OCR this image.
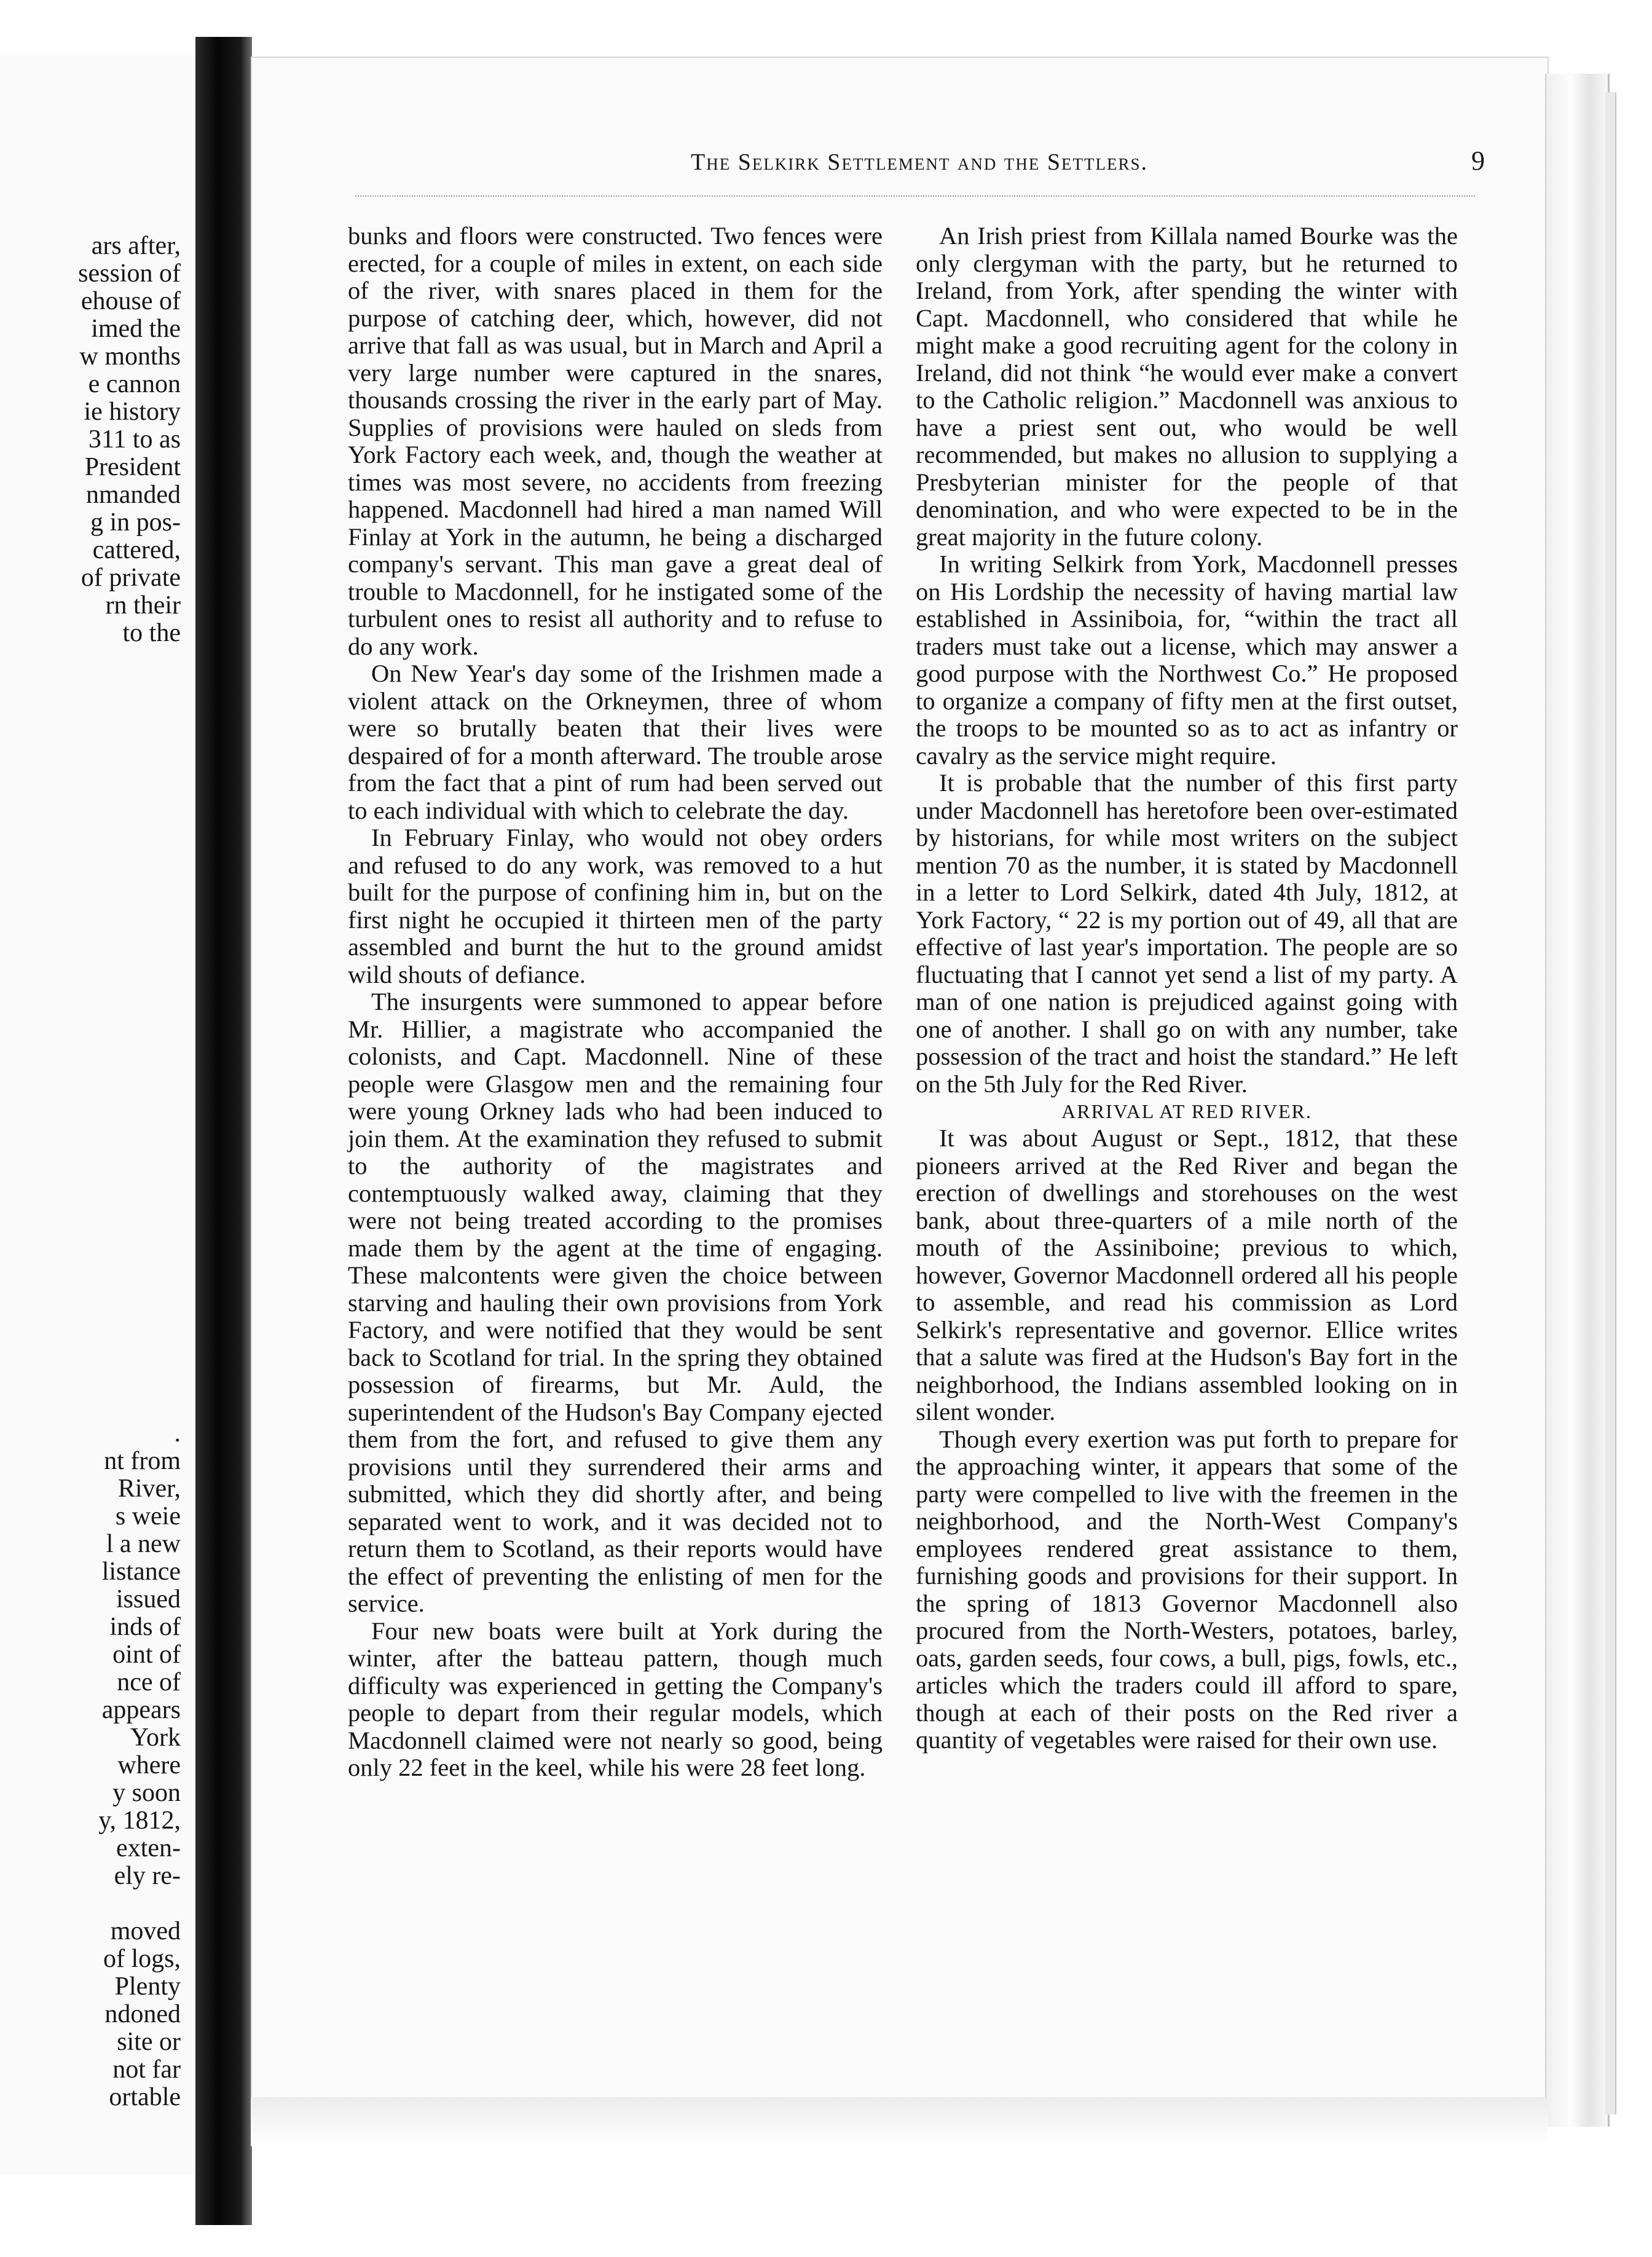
ars after,
session of
ehouse of
imed the
w months
e cannon
ie history
311 to as
President
nmanded
g in pos-
cattered,
of private
rn their
to the
.
nt from
River,
s weie
l a new
listance
issued
inds of
oint of
nce of
appears
York
where
y soon
y, 1812,
exten-
ely re-
moved
of logs,
Plenty
ndoned
site or
not far
ortable
The Selkirk Settlement and the Settlers.	9

bunks and floors were constructed. Two fences were erected, for a couple of miles in extent, on each side of the river, with snares placed in them for the purpose of catching deer, which, however, did not arrive that fall as was usual, but in March and April a very large number were captured in the snares, thousands crossing the river in the early part of May. Supplies of provisions were hauled on sleds from York Factory each week, and, though the weather at times was most severe, no accidents from freezing happened. Macdonnell had hired a man named Will Finlay at York in the autumn, he being a discharged company's servant. This man gave a great deal of trouble to Macdonnell, for he instigated some of the turbulent ones to resist all authority and to refuse to do any work.

On New Year's day some of the Irishmen made a violent attack on the Orkneymen, three of whom were so brutally beaten that their lives were despaired of for a month afterward. The trouble arose from the fact that a pint of rum had been served out to each individual with which to celebrate the day.

In February Finlay, who would not obey orders and refused to do any work, was removed to a hut built for the purpose of confining him in, but on the first night he occupied it thirteen men of the party assembled and burnt the hut to the ground amidst wild shouts of defiance.

The insurgents were summoned to appear before Mr. Hillier, a magistrate who accompanied the colonists, and Capt. Macdonnell. Nine of these people were Glasgow men and the remaining four were young Orkney lads who had been induced to join them. At the examination they refused to submit to the authority of the magistrates and contemptuously walked away, claiming that they were not being treated according to the promises made them by the agent at the time of engaging. These malcontents were given the choice between starving and hauling their own provisions from York Factory, and were notified that they would be sent back to Scotland for trial. In the spring they obtained possession of firearms, but Mr. Auld, the superintendent of the Hudson's Bay Company ejected them from the fort, and refused to give them any provisions until they surrendered their arms and submitted, which they did shortly after, and being separated went to work, and it was decided not to return them to Scotland, as their reports would have the effect of preventing the enlisting of men for the service.

Four new boats were built at York during the winter, after the batteau pattern, though much difficulty was experienced in getting the Company's people to depart from their regular models, which Macdonnell claimed were not nearly so good, being only 22 feet in the keel, while his were 28 feet long.

An Irish priest from Killala named Bourke was the only clergyman with the party, but he returned to Ireland, from York, after spending the winter with Capt. Macdonnell, who considered that while he might make a good recruiting agent for the colony in Ireland, did not think “he would ever make a convert to the Catholic religion.” Macdonnell was anxious to have a priest sent out, who would be well recommended, but makes no allusion to supplying a Presbyterian minister for the people of that denomination, and who were expected to be in the great majority in the future colony.

In writing Selkirk from York, Macdonnell presses on His Lordship the necessity of having martial law established in Assiniboia, for, “within the tract all traders must take out a license, which may answer a good purpose with the Northwest Co.” He proposed to organize a company of fifty men at the first outset, the troops to be mounted so as to act as infantry or cavalry as the service might require.

It is probable that the number of this first party under Macdonnell has heretofore been over-estimated by historians, for while most writers on the subject mention 70 as the number, it is stated by Macdonnell in a letter to Lord Selkirk, dated 4th July, 1812, at York Factory, “ 22 is my portion out of 49, all that are effective of last year's importation. The people are so fluctuating that I cannot yet send a list of my party. A man of one nation is prejudiced against going with one of another. I shall go on with any number, take possession of the tract and hoist the standard.” He left on the 5th July for the Red River.

ARRIVAL AT RED RIVER.

It was about August or Sept., 1812, that these pioneers arrived at the Red River and began the erection of dwellings and storehouses on the west bank, about three-quarters of a mile north of the mouth of the Assiniboine; previous to which, however, Governor Macdonnell ordered all his people to assemble, and read his commission as Lord Selkirk's representative and governor. Ellice writes that a salute was fired at the Hudson's Bay fort in the neighborhood, the Indians assembled looking on in silent wonder.

Though every exertion was put forth to prepare for the approaching winter, it appears that some of the party were compelled to live with the freemen in the neighborhood, and the North-West Company's employees rendered great assistance to them, furnishing goods and provisions for their support. In the spring of 1813 Governor Macdonnell also procured from the North-Westers, potatoes, barley, oats, garden seeds, four cows, a bull, pigs, fowls, etc., articles which the traders could ill afford to spare, though at each of their posts on the Red river a quantity of vegetables were raised for their own use.
